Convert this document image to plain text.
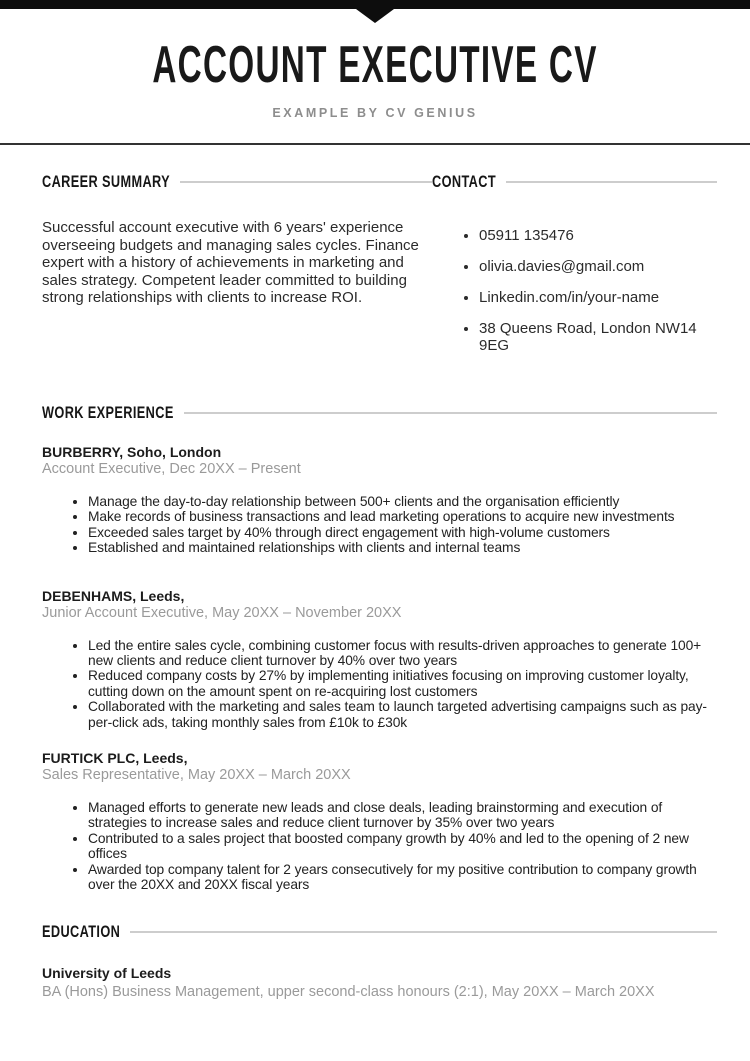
ACCOUNT EXECUTIVE CV
EXAMPLE BY CV GENIUS
CAREER SUMMARY

Successful account executive with 6 years' experience overseeing budgets and managing sales cycles. Finance expert with a history of achievements in marketing and sales strategy. Competent leader committed to building strong relationships with clients to increase ROI.

CONTACT
• 05911 135476
• olivia.davies@gmail.com
• Linkedin.com/in/your-name
• 38 Queens Road, London NW14 9EG
WORK EXPERIENCE
BURBERRY, Soho, London
Account Executive, Dec 20XX – Present
• Manage the day-to-day relationship between 500+ clients and the organisation efficiently
• Make records of business transactions and lead marketing operations to acquire new investments
• Exceeded sales target by 40% through direct engagement with high-volume customers
• Established and maintained relationships with clients and internal teams
DEBENHAMS, Leeds,
Junior Account Executive, May 20XX – November 20XX
• Led the entire sales cycle, combining customer focus with results-driven approaches to generate 100+ new clients and reduce client turnover by 40% over two years
• Reduced company costs by 27% by implementing initiatives focusing on improving customer loyalty, cutting down on the amount spent on re-acquiring lost customers
• Collaborated with the marketing and sales team to launch targeted advertising campaigns such as pay-per-click ads, taking monthly sales from £10k to £30k
FURTICK PLC, Leeds,
Sales Representative, May 20XX – March 20XX
• Managed efforts to generate new leads and close deals, leading brainstorming and execution of strategies to increase sales and reduce client turnover by 35% over two years
• Contributed to a sales project that boosted company growth by 40% and led to the opening of 2 new offices
• Awarded top company talent for 2 years consecutively for my positive contribution to company growth over the 20XX and 20XX fiscal years
EDUCATION
University of Leeds
BA (Hons) Business Management, upper second-class honours (2:1), May 20XX – March 20XX
